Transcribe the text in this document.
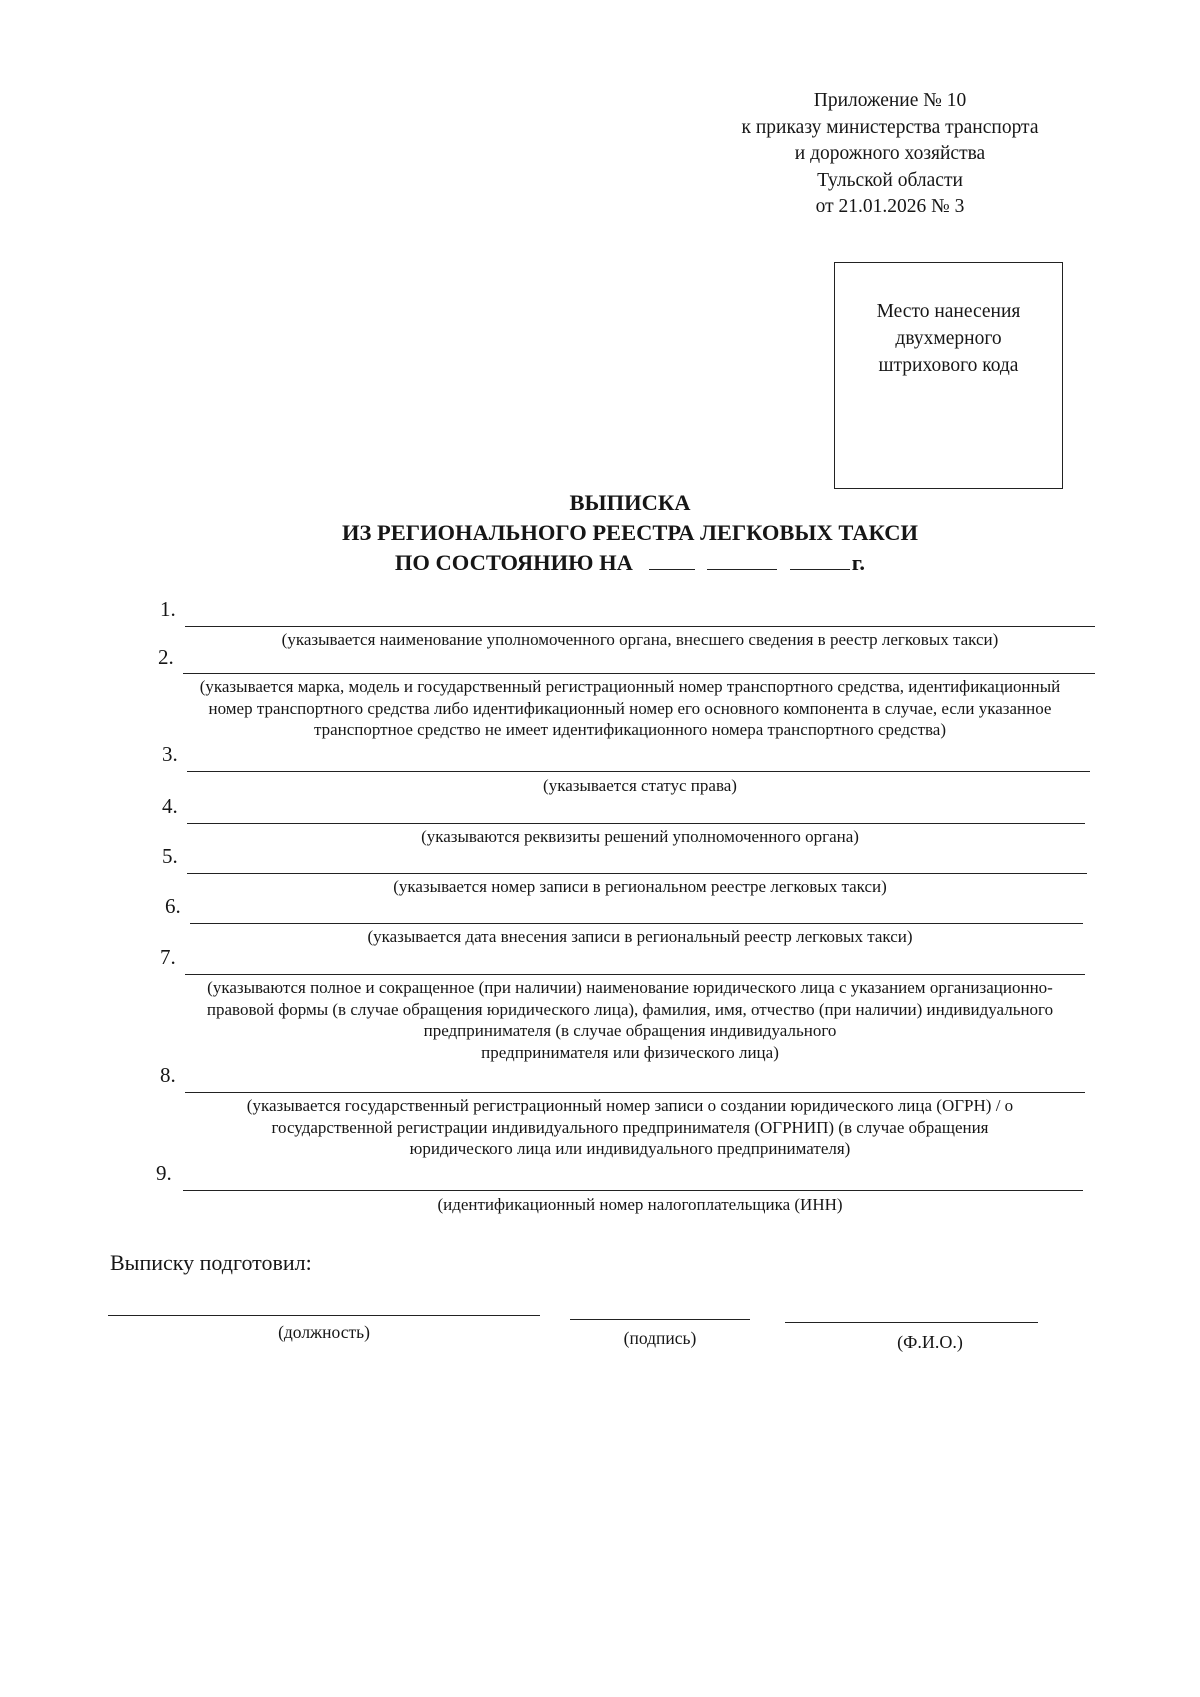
Приложение № 10
к приказу министерства транспорта
и дорожного хозяйства
Тульской области
от 21.01.2026 № 3
Место нанесения
двухмерного
штрихового кода
ВЫПИСКА
ИЗ РЕГИОНАЛЬНОГО РЕЕСТРА ЛЕГКОВЫХ ТАКСИ
ПО СОСТОЯНИЮ НА	г.
1.
(указывается наименование уполномоченного органа, внесшего сведения в реестр легковых такси)
2.
(указывается марка, модель и государственный регистрационный номер транспортного средства, идентификационный
номер транспортного средства либо идентификационный номер его основного компонента в случае, если указанное
транспортное средство не имеет идентификационного номера транспортного средства)
3.
(указывается статус права)
4.
(указываются реквизиты решений уполномоченного органа)
5.
(указывается номер записи в региональном реестре легковых такси)
6.
(указывается дата внесения записи в региональный реестр легковых такси)
7.
(указываются полное и сокращенное (при наличии) наименование юридического лица с указанием организационно-
правовой формы (в случае обращения юридического лица), фамилия, имя, отчество (при наличии) индивидуального
предпринимателя (в случае обращения индивидуального
предпринимателя или физического лица)
8.
(указывается государственный регистрационный номер записи о создании юридического лица (ОГРН) / о
государственной регистрации индивидуального предпринимателя (ОГРНИП) (в случае обращения
юридического лица или индивидуального предпринимателя)
9.
(идентификационный номер налогоплательщика (ИНН)
Выписку подготовил:
(должность)	(подпись)	(Ф.И.О.)
